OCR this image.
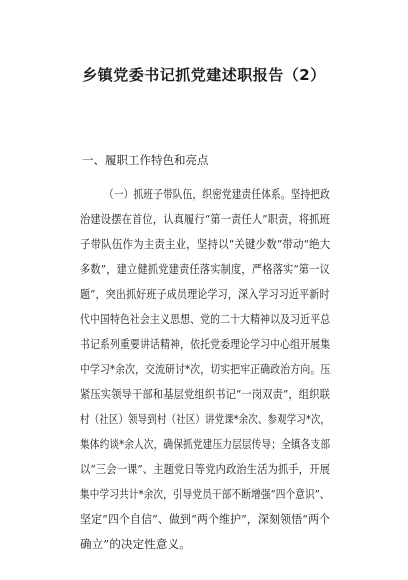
乡镇党委书记抓党建述职报告（2）

一、履职工作特色和亮点

（一）抓班子带队伍，织密党建责任体系。坚持把政

治建设摆在首位，认真履行“第一责任人”职责，将抓班

子带队伍作为主责主业，坚持以“关键少数”带动“绝大

多数”，建立健抓党建责任落实制度，严格落实“第一议

题”，突出抓好班子成员理论学习，深入学习习近平新时

代中国特色社会主义思想、党的二十大精神以及习近平总

书记系列重要讲话精神，依托党委理论学习中心组开展集

中学习*余次，交流研讨*次，切实把牢正确政治方向。压

紧压实领导干部和基层党组织书记“一岗双责”，组织联

村（社区）领导到村（社区）讲党课*余次、参观学习*次，

集体约谈*余人次，确保抓党建压力层层传导；全镇各支部

以“三会一课”、主题党日等党内政治生活为抓手，开展

集中学习共计*余次，引导党员干部不断增强“四个意识”、

坚定“四个自信”、做到“两个维护”，深刻领悟“两个

确立”的决定性意义。
